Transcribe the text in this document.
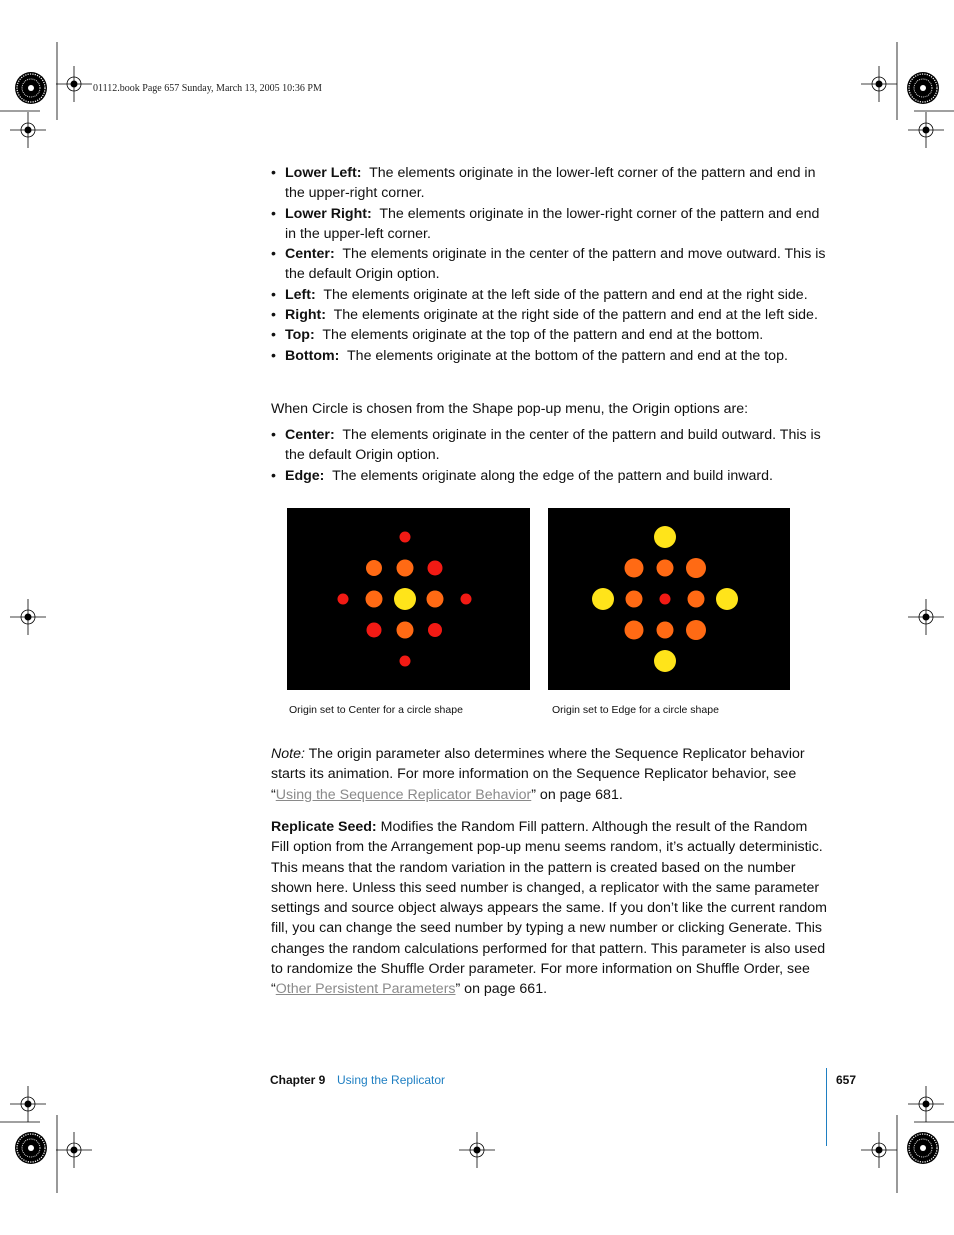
01112.book Page 657 Sunday, March 13, 2005 10:36 PM
• Lower Left: The elements originate in the lower-left corner of the pattern and end in the upper-right corner.
• Lower Right: The elements originate in the lower-right corner of the pattern and end in the upper-left corner.
• Center: The elements originate in the center of the pattern and move outward. This is the default Origin option.
• Left: The elements originate at the left side of the pattern and end at the right side.
• Right: The elements originate at the right side of the pattern and end at the left side.
• Top: The elements originate at the top of the pattern and end at the bottom.
• Bottom: The elements originate at the bottom of the pattern and end at the top.
When Circle is chosen from the Shape pop-up menu, the Origin options are:
• Center:  The elements originate in the center of the pattern and build outward. This is the default Origin option.
• Edge: The elements originate along the edge of the pattern and build inward.
Origin set to Center for a circle shape	Origin set to Edge for a circle shape
Note: The origin parameter also determines where the Sequence Replicator behavior starts its animation. For more information on the Sequence Replicator behavior, see “Using the Sequence Replicator Behavior” on page 681.
Replicate Seed: Modifies the Random Fill pattern. Although the result of the Random Fill option from the Arrangement pop-up menu seems random, it’s actually deterministic. This means that the random variation in the pattern is created based on the number shown here. Unless this seed number is changed, a replicator with the same parameter settings and source object always appears the same. If you don’t like the current random fill, you can change the seed number by typing a new number or clicking Generate. This changes the random calculations performed for that pattern. This parameter is also used to randomize the Shuffle Order parameter. For more information on Shuffle Order, see “Other Persistent Parameters” on page 661.
Chapter 9 Using the Replicator	657
